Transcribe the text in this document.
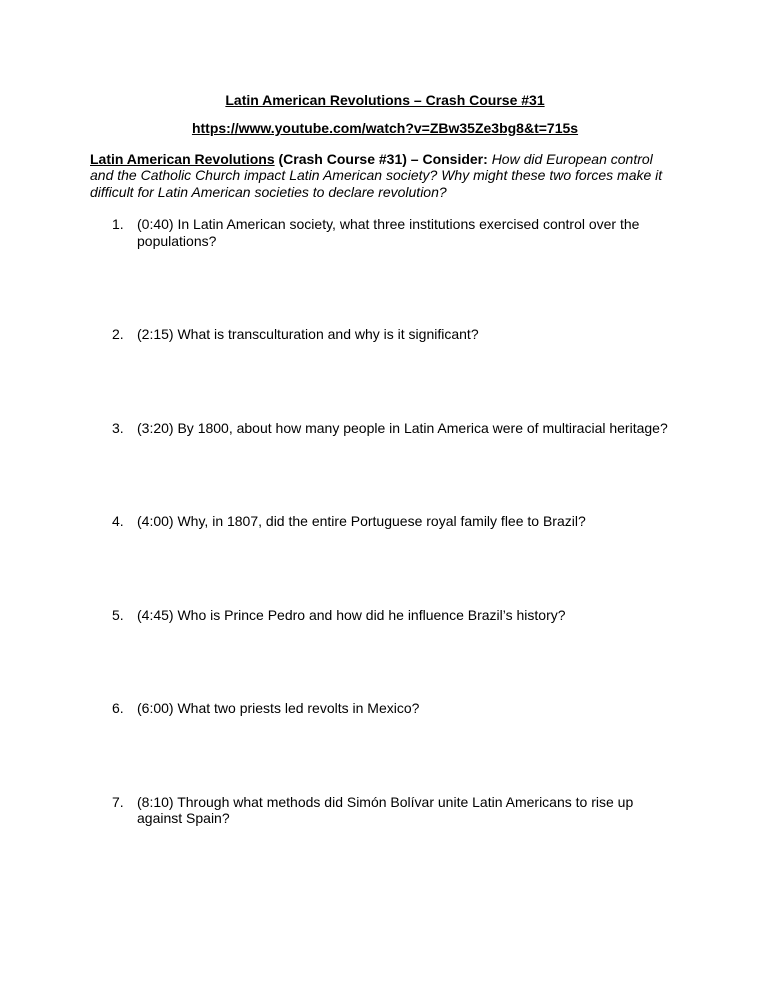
Latin American Revolutions – Crash Course #31
https://www.youtube.com/watch?v=ZBw35Ze3bg8&t=715s

Latin American Revolutions (Crash Course #31) – Consider: How did European control and the Catholic Church impact Latin American society? Why might these two forces make it difficult for Latin American societies to declare revolution?

1. (0:40) In Latin American society, what three institutions exercised control over the populations?
2. (2:15) What is transculturation and why is it significant?
3. (3:20) By 1800, about how many people in Latin America were of multiracial heritage?
4. (4:00) Why, in 1807, did the entire Portuguese royal family flee to Brazil?
5. (4:45) Who is Prince Pedro and how did he influence Brazil’s history?
6. (6:00) What two priests led revolts in Mexico?
7. (8:10) Through what methods did Simón Bolívar unite Latin Americans to rise up against Spain?
